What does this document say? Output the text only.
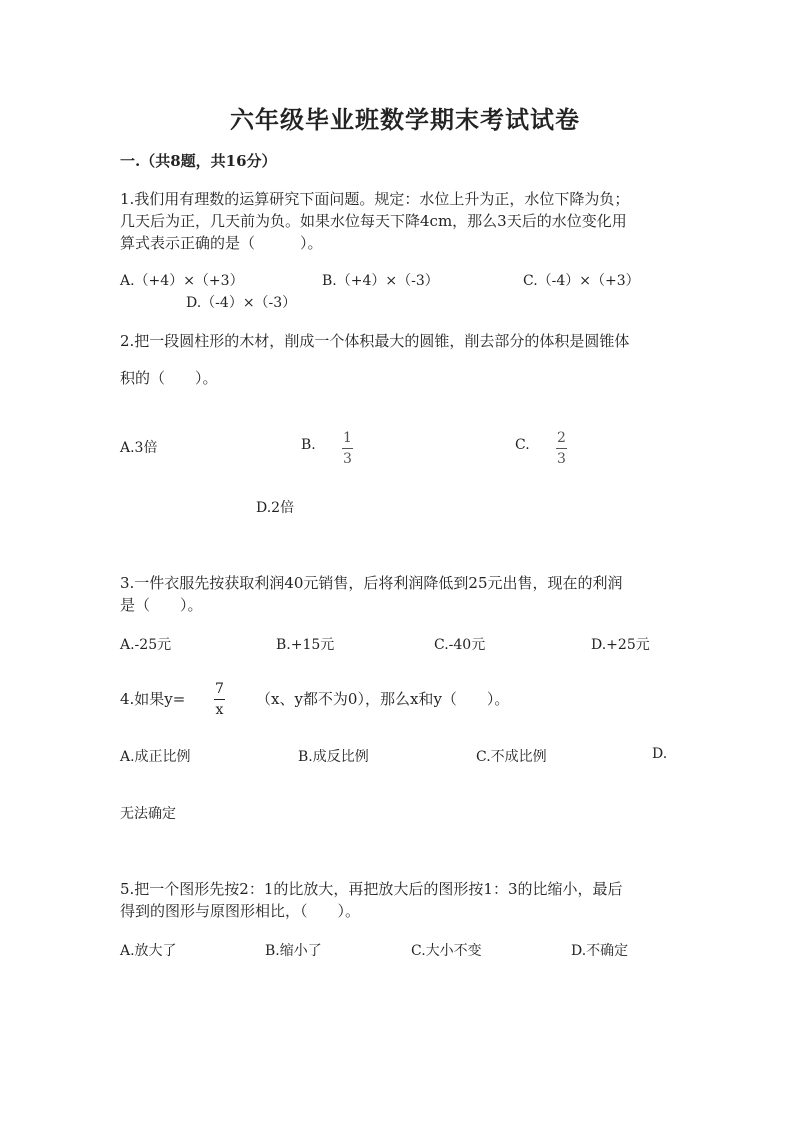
六年级毕业班数学期末考试试卷
一.（共8题，共16分）
1.我们用有理数的运算研究下面问题。规定：水位上升为正，水位下降为负；
几天后为正，几天前为负。如果水位每天下降4cm，那么3天后的水位变化用
算式表示正确的是（　　　）。
A.（+4）×（+3）	B.（+4）×（-3）	C.（-4）×（+3）
D.（-4）×（-3）
2.把一段圆柱形的木材，削成一个体积最大的圆锥，削去部分的体积是圆锥体
积的（　　）。
A.3倍	B. 1
3
C. 2
3
D.2倍
3.一件衣服先按获取利润40元销售，后将利润降低到25元出售，现在的利润
是（　　）。
A.-25元	B.+15元	C.-40元	D.+25元
4.如果y=
7
x
（x、y都不为0），那么x和y（　　）。
A.成正比例	B.成反比例	C.不成比例	D.
无法确定
5.把一个图形先按2：1的比放大，再把放大后的图形按1：3的比缩小，最后
得到的图形与原图形相比，（　　）。
A.放大了	B.缩小了	C.大小不变	D.不确定
